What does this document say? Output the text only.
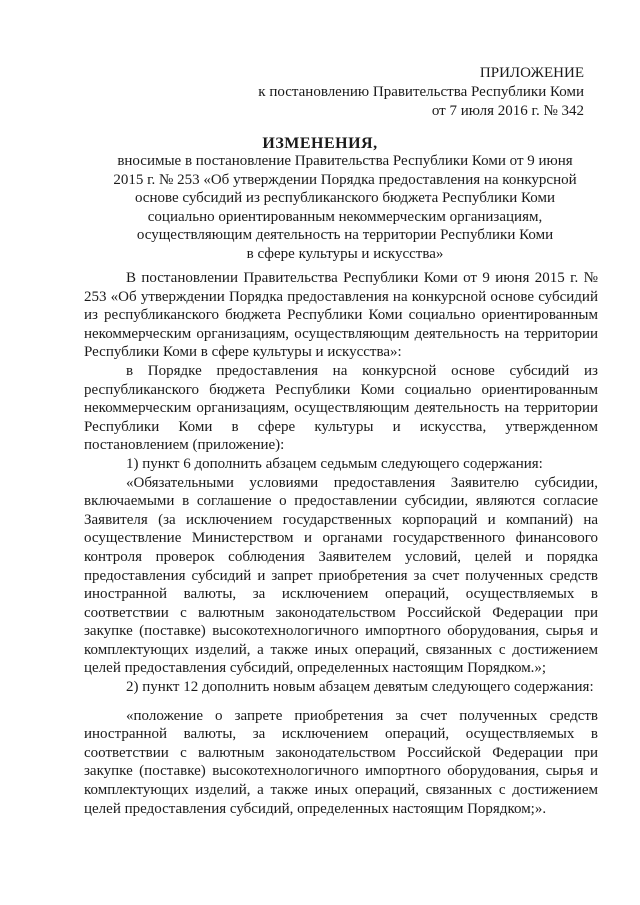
ПРИЛОЖЕНИЕ
к постановлению Правительства Республики Коми
от 7 июля 2016 г. № 342
ИЗМЕНЕНИЯ,
вносимые в постановление Правительства Республики Коми от 9 июня
2015 г. № 253 «Об утверждении Порядка предоставления на конкурсной
основе субсидий из республиканского бюджета Республики Коми
социально ориентированным некоммерческим организациям,
осуществляющим деятельность на территории Республики Коми
в сфере культуры и искусства»

В постановлении Правительства Республики Коми от 9 июня 2015 г. № 253 «Об утверждении Порядка предоставления на конкурсной основе субсидий из республиканского бюджета Республики Коми социально ориентированным некоммерческим организациям, осуществляющим деятельность на территории Республики Коми в сфере культуры и искусства»:

в Порядке предоставления на конкурсной основе субсидий из республиканского бюджета Республики Коми социально ориентированным некоммерческим организациям, осуществляющим деятельность на территории Республики Коми в сфере культуры и искусства, утвержденном постановлением (приложение):

1) пункт 6 дополнить абзацем седьмым следующего содержания:

«Обязательными условиями предоставления Заявителю субсидии, включаемыми в соглашение о предоставлении субсидии, являются согласие Заявителя (за исключением государственных корпораций и компаний) на осуществление Министерством и органами государственного финансового контроля проверок соблюдения Заявителем условий, целей и порядка предоставления субсидий и запрет приобретения за счет полученных средств иностранной валюты, за исключением операций, осуществляемых в соответствии с валютным законодательством Российской Федерации при закупке (поставке) высокотехнологичного импортного оборудования, сырья и комплектующих изделий, а также иных операций, связанных с достижением целей предоставления субсидий, определенных настоящим Порядком.»;

2) пункт 12 дополнить новым абзацем девятым следующего содержания:

«положение о запрете приобретения за счет полученных средств иностранной валюты, за исключением операций, осуществляемых в соответствии с валютным законодательством Российской Федерации при закупке (поставке) высокотехнологичного импортного оборудования, сырья и комплектующих изделий, а также иных операций, связанных с достижением целей предоставления субсидий, определенных настоящим Порядком;».
